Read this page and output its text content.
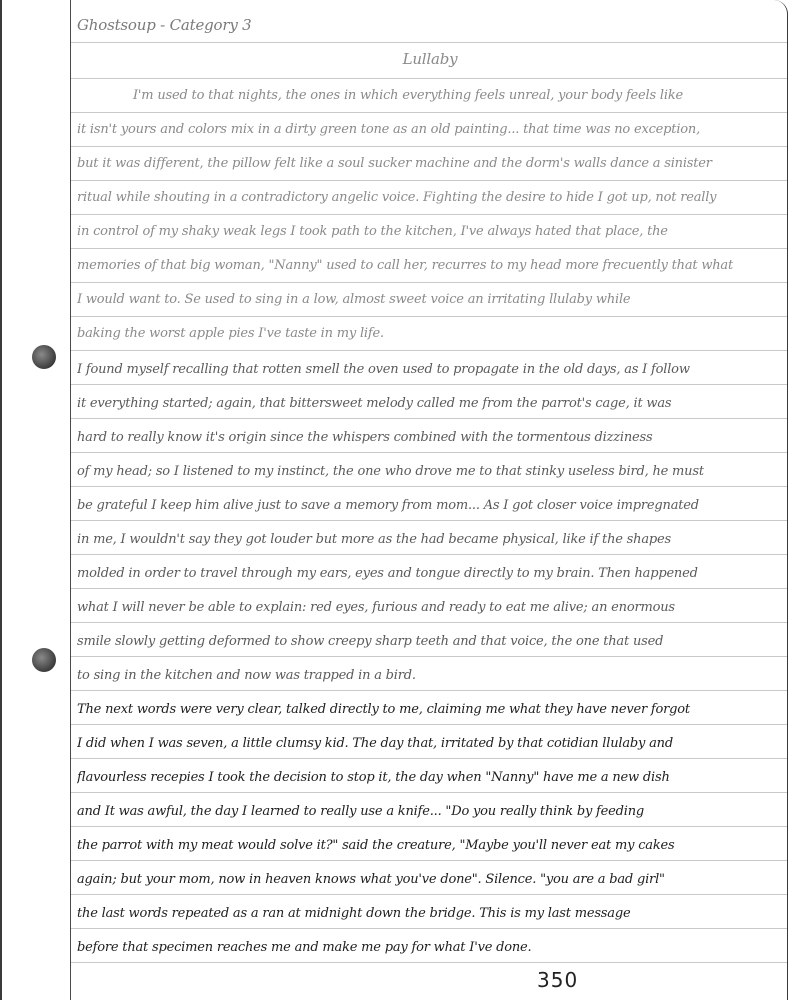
Ghostsoup - Category 3
Lullaby
I'm used to that nights, the ones in which everything feels unreal, your body feels like
it isn't yours and colors mix in a dirty green tone as an old painting... that time was no exception,
but it was different, the pillow felt like a soul sucker machine and the dorm's walls dance a sinister
ritual while shouting in a contradictory angelic voice. Fighting the desire to hide I got up, not really
in control of my shaky weak legs I took path to the kitchen, I've always hated that place, the
memories of that big woman, "Nanny" used to call her, recurres to my head more frecuently that what
I would want to. Se used to sing in a low, almost sweet voice an irritating llulaby while
baking the worst apple pies I've taste in my life.
I found myself recalling that rotten smell the oven used to propagate in the old days, as I follow
it everything started; again, that bittersweet melody called me from the parrot's cage, it was
hard to really know it's origin since the whispers combined with the tormentous dizziness
of my head; so I listened to my instinct, the one who drove me to that stinky useless bird, he must
be grateful I keep him alive just to save a memory from mom... As I got closer voice impregnated
in me, I wouldn't say they got louder but more as the had became physical, like if the shapes
molded in order to travel through my ears, eyes and tongue directly to my brain. Then happened
what I will never be able to explain: red eyes, furious and ready to eat me alive; an enormous
smile slowly getting deformed to show creepy sharp teeth and that voice, the one that used
to sing in the kitchen and now was trapped in a bird.
The next words were very clear, talked directly to me, claiming me what they have never forgot
I did when I was seven, a little clumsy kid. The day that, irritated by that cotidian llulaby and
flavourless recepies I took the decision to stop it, the day when "Nanny" have me a new dish
and It was awful, the day I learned to really use a knife... "Do you really think by feeding
the parrot with my meat would solve it?" said the creature, "Maybe you'll never eat my cakes
again; but your mom, now in heaven knows what you've done". Silence. "you are a bad girl"
the last words repeated as a ran at midnight down the bridge. This is my last message
before that specimen reaches me and make me pay for what I've done.
350
